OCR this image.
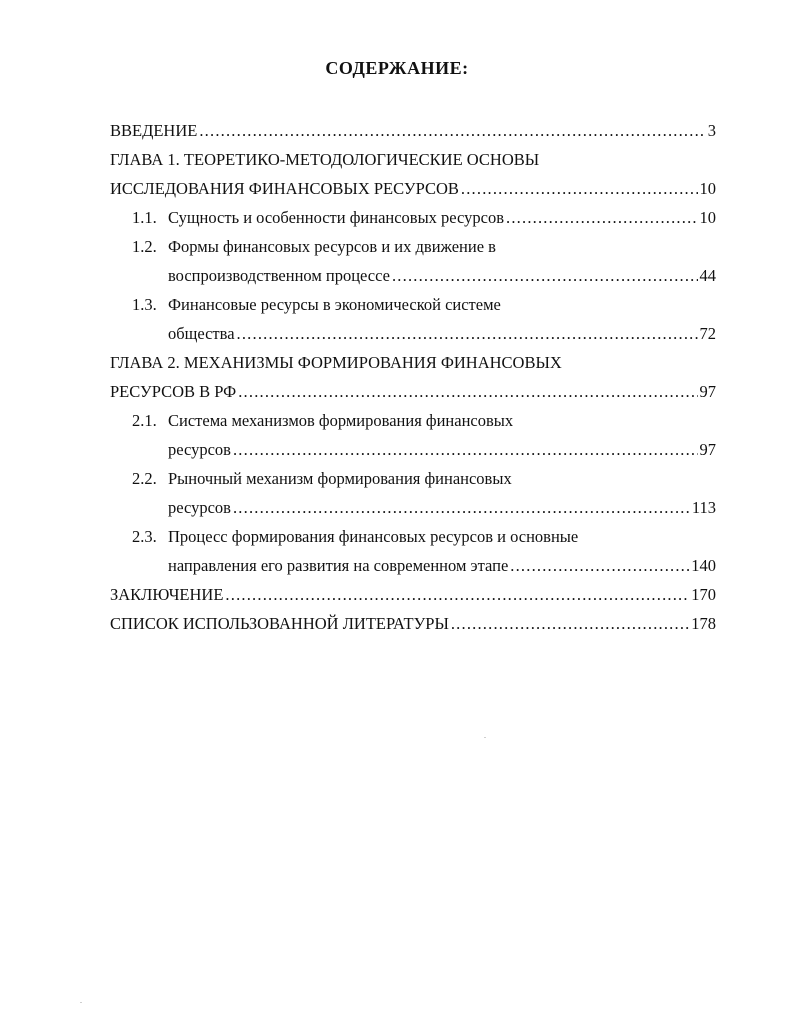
СОДЕРЖАНИЕ:
ВВЕДЕНИЕ .....	3
ГЛАВА 1. ТЕОРЕТИКО-МЕТОДОЛОГИЧЕСКИЕ ОСНОВЫ
ИССЛЕДОВАНИЯ ФИНАНСОВЫХ РЕСУРСОВ .....	10
1.1. Сущность и особенности финансовых ресурсов .....	10
1.2. Формы финансовых ресурсов и их движение в
воспроизводственном процессе .....	44
1.3. Финансовые ресурсы в экономической системе
общества .....	72
ГЛАВА 2. МЕХАНИЗМЫ ФОРМИРОВАНИЯ ФИНАНСОВЫХ
РЕСУРСОВ В РФ .....	97
2.1. Система механизмов формирования финансовых
ресурсов .....	97
2.2. Рыночный механизм формирования финансовых
ресурсов .....	113
2.3. Процесс формирования финансовых ресурсов и основные
направления его развития на современном этапе .....	140
ЗАКЛЮЧЕНИЕ .....	170
СПИСОК ИСПОЛЬЗОВАННОЙ ЛИТЕРАТУРЫ .....	178
